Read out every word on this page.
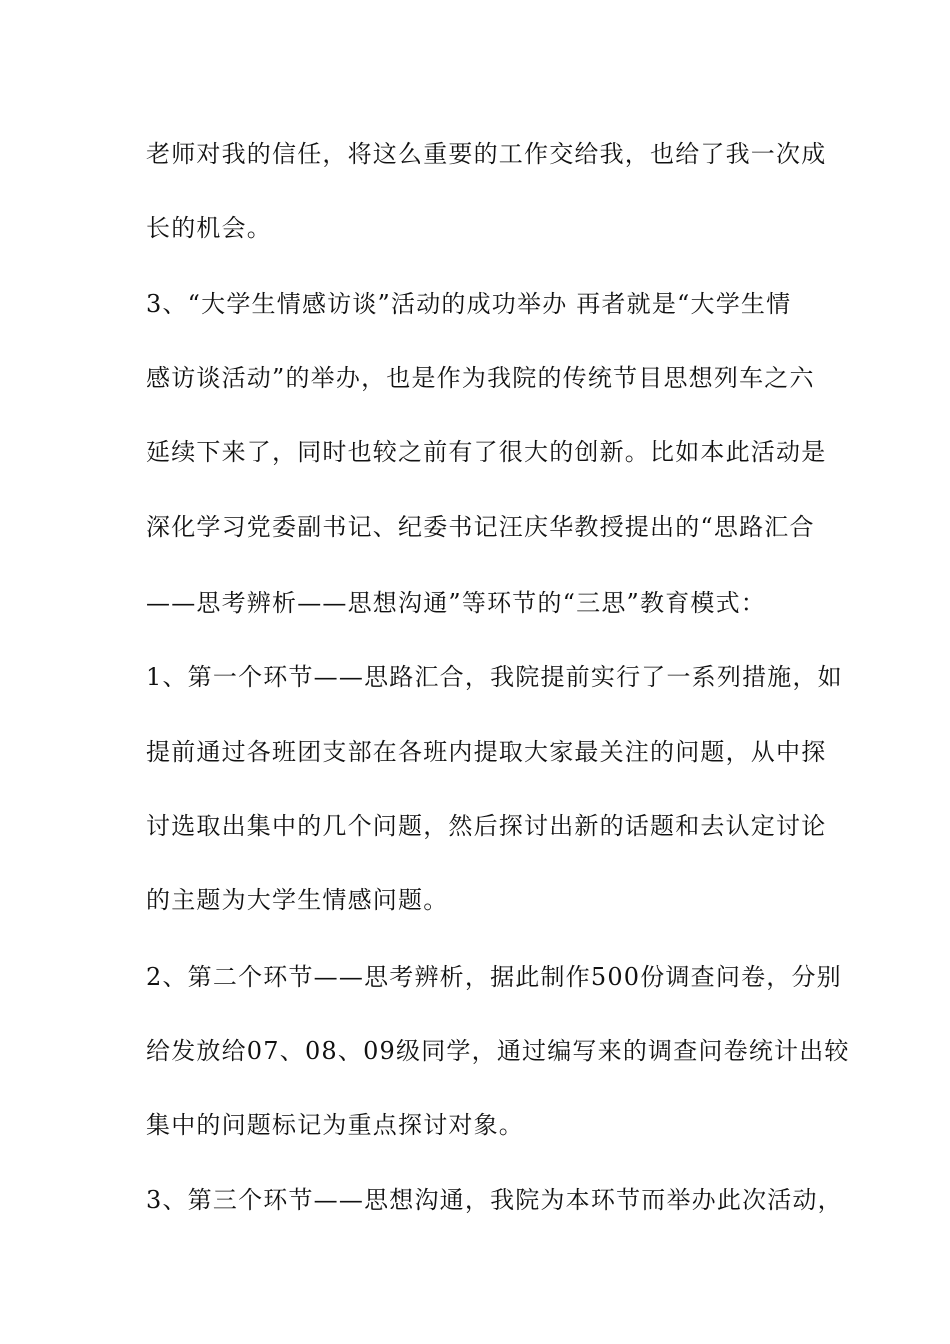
老师对我的信任，将这么重要的工作交给我，也给了我一次成
长的机会。
3、“大学生情感访谈”活动的成功举办 再者就是“大学生情
感访谈活动”的举办，也是作为我院的传统节目思想列车之六
延续下来了，同时也较之前有了很大的创新。比如本此活动是
深化学习党委副书记、纪委书记汪庆华教授提出的“思路汇合
——思考辨析——思想沟通”等环节的“三思”教育模式：
1、第一个环节——思路汇合，我院提前实行了一系列措施，如
提前通过各班团支部在各班内提取大家最关注的问题，从中探
讨选取出集中的几个问题，然后探讨出新的话题和去认定讨论
的主题为大学生情感问题。
2、第二个环节——思考辨析，据此制作500份调查问卷，分别
给发放给07、08、09级同学，通过编写来的调查问卷统计出较
集中的问题标记为重点探讨对象。
3、第三个环节——思想沟通，我院为本环节而举办此次活动，
